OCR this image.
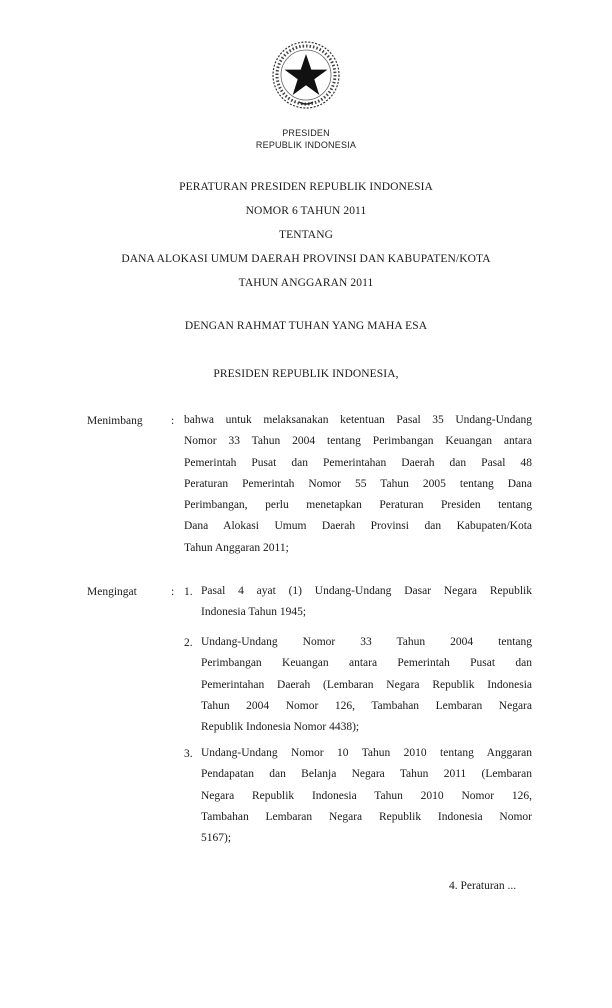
PRESIDEN
REPUBLIK INDONESIA
PERATURAN PRESIDEN REPUBLIK INDONESIA
NOMOR 6 TAHUN 2011
TENTANG
DANA ALOKASI UMUM DAERAH PROVINSI DAN KABUPATEN/KOTA
TAHUN ANGGARAN 2011
DENGAN RAHMAT TUHAN YANG MAHA ESA
PRESIDEN REPUBLIK INDONESIA,
Menimbang : bahwa untuk melaksanakan ketentuan Pasal 35 Undang-Undang
Nomor 33 Tahun 2004 tentang Perimbangan Keuangan antara
Pemerintah Pusat dan Pemerintahan Daerah dan Pasal 48
Peraturan Pemerintah Nomor 55 Tahun 2005 tentang Dana
Perimbangan, perlu menetapkan Peraturan Presiden tentang
Dana Alokasi Umum Daerah Provinsi dan Kabupaten/Kota
Tahun Anggaran 2011;
Mengingat	: 1. Pasal 4 ayat (1) Undang-Undang Dasar Negara Republik
Indonesia Tahun 1945;
2. Undang-Undang Nomor 33 Tahun 2004 tentang
Perimbangan Keuangan antara Pemerintah Pusat dan
Pemerintahan Daerah (Lembaran Negara Republik Indonesia
Tahun 2004 Nomor 126, Tambahan Lembaran Negara
Republik Indonesia Nomor 4438);
3. Undang-Undang Nomor 10 Tahun 2010 tentang Anggaran
Pendapatan dan Belanja Negara Tahun 2011 (Lembaran
Negara Republik Indonesia Tahun 2010 Nomor 126,
Tambahan Lembaran Negara Republik Indonesia Nomor
5167);
4. Peraturan ...
